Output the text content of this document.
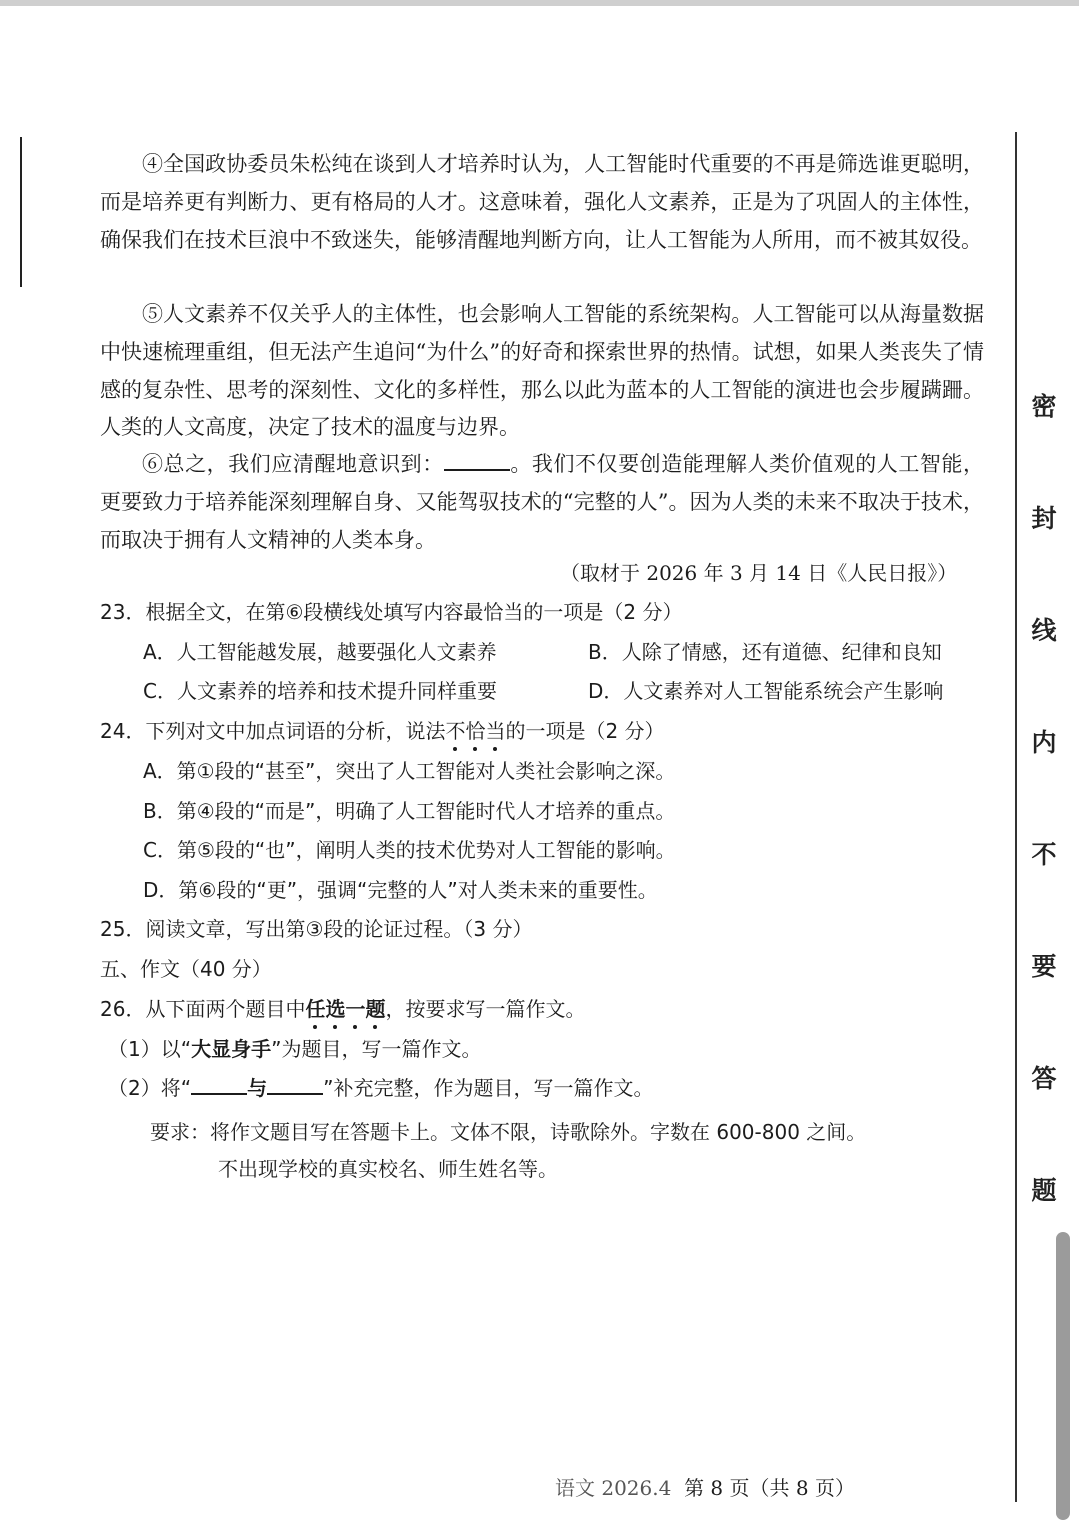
密
封
线
内
不
要
答
题

④全国政协委员朱松纯在谈到人才培养时认为，人工智能时代重要的不再是筛选谁更聪明，而是培养更有判断力、更有格局的人才。这意味着，强化人文素养，正是为了巩固人的主体性，确保我们在技术巨浪中不致迷失，能够清醒地判断方向，让人工智能为人所用，而不被其奴役。

⑤人文素养不仅关乎人的主体性，也会影响人工智能的系统架构。人工智能可以从海量数据中快速梳理重组，但无法产生追问“为什么”的好奇和探索世界的热情。试想，如果人类丧失了情感的复杂性、思考的深刻性、文化的多样性，那么以此为蓝本的人工智能的演进也会步履蹒跚。人类的人文高度，决定了技术的温度与边界。

⑥总之，我们应清醒地意识到：	。我们不仅要创造能理解人类价值观的人工智能，更要致力于培养能深刻理解自身、又能驾驭技术的“完整的人”。因为人类的未来不取决于技术，而取决于拥有人文精神的人类本身。

（取材于 2026 年 3 月 14 日《人民日报》）
23．根据全文，在第⑥段横线处填写内容最恰当的一项是（2 分）
A．人工智能越发展，越要强化人文素养	B．人除了情感，还有道德、纪律和良知
C．人文素养的培养和技术提升同样重要	D．人文素养对人工智能系统会产生影响
24．下列对文中加点词语的分析，说法不恰当的一项是（2 分）
A．第①段的“甚至”，突出了人工智能对人类社会影响之深。
B．第④段的“而是”，明确了人工智能时代人才培养的重点。
C．第⑤段的“也”，阐明人类的技术优势对人工智能的影响。
D．第⑥段的“更”，强调“完整的人”对人类未来的重要性。
25．阅读文章，写出第③段的论证过程。（3 分）
五、作文（40 分）
26．从下面两个题目中任选一题，按要求写一篇作文。
（1）以“大显身手”为题目，写一篇作文。
（2）将“	与	”补充完整，作为题目，写一篇作文。
要求：将作文题目写在答题卡上。文体不限，诗歌除外。字数在 600-800 之间。
不出现学校的真实校名、师生姓名等。
语文 2026.4 第 8 页（共 8 页）
